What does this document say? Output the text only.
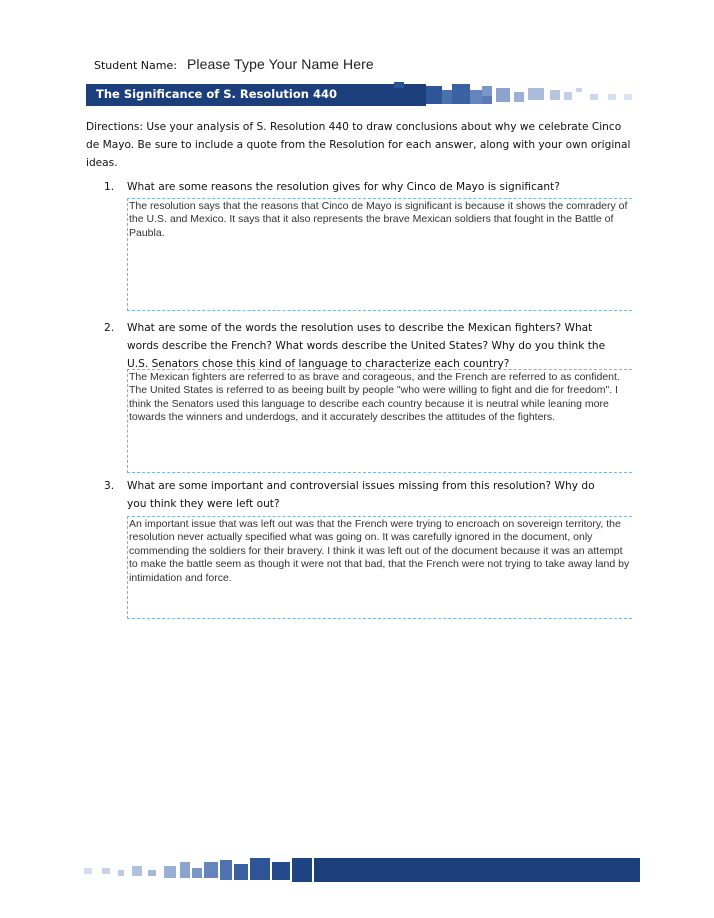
Student Name: Please Type Your Name Here
The Significance of S. Resolution 440
Directions: Use your analysis of S. Resolution 440 to draw conclusions about why we celebrate Cinco de Mayo. Be sure to include a quote from the Resolution for each answer, along with your own original ideas.
1. What are some reasons the resolution gives for why Cinco de Mayo is significant?
The resolution says that the reasons that Cinco de Mayo is significant is because it shows the comradery of the U.S. and Mexico. It says that it also represents the brave Mexican soldiers that fought in the Battle of Paubla.
2. What are some of the words the resolution uses to describe the Mexican fighters? What words describe the French? What words describe the United States? Why do you think the U.S. Senators chose this kind of language to characterize each country?
The Mexican fighters are referred to as brave and corageous, and the French are referred to as confident. The United States is referred to as beeing built by people "who were willing to fight and die for freedom". I think the Senators used this language to describe each country because it is neutral while leaning more towards the winners and underdogs, and it accurately describes the attitudes of the fighters.
3. What are some important and controversial issues missing from this resolution? Why do you think they were left out?
An important issue that was left out was that the French were trying to encroach on sovereign territory, the resolution never actually specified what was going on. It was carefully ignored in the document, only commending the soldiers for their bravery. I think it was left out of the document because it was an attempt to make the battle seem as though it were not that bad, that the French were not trying to take away land by intimidation and force.
